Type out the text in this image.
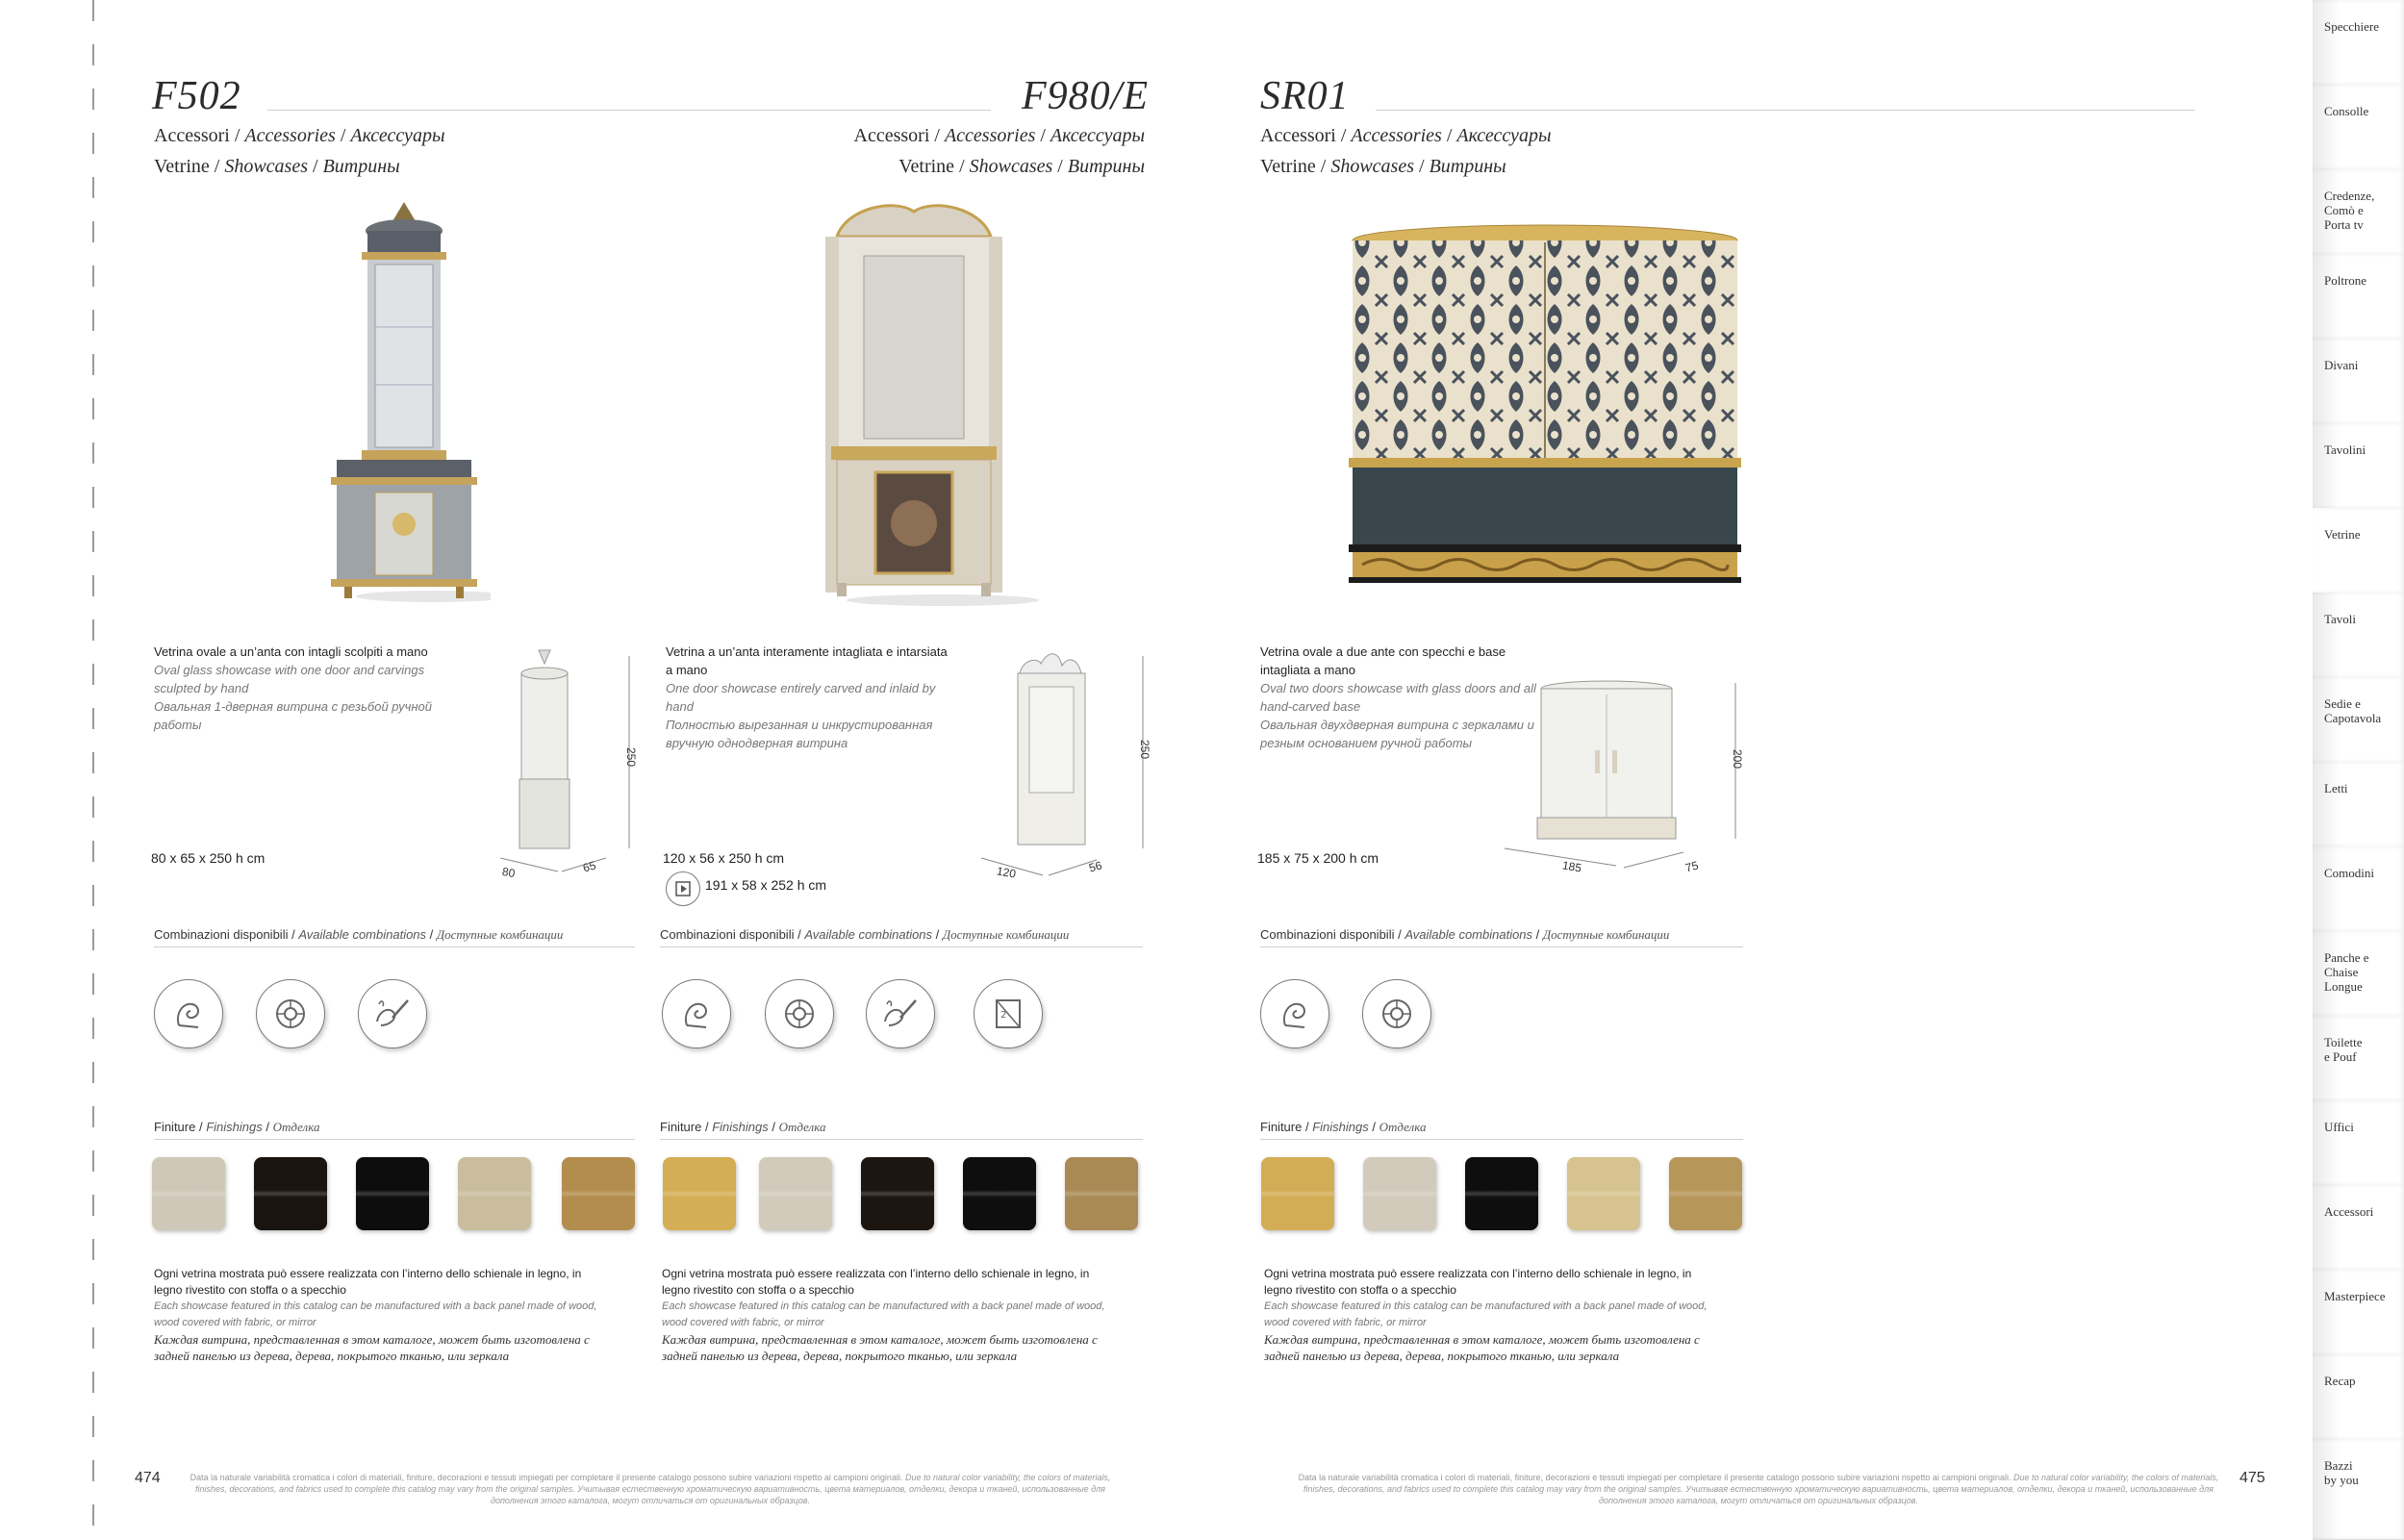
F502
Accessori / Accessories / Аксессуары
Vetrine / Showcases / Витрины
Vetrina ovale a un’anta con intagli scolpiti a mano
Oval glass showcase with one door and carvings sculpted by hand
Овальная 1-дверная витрина с резьбой ручной работы
250
80	65
80 x 65 x 250 h cm
Combinazioni disponibili / Available combinations / Доступные комбинации
Finiture / Finishings / Отделка
Ogni vetrina mostrata può essere realizzata con l’interno dello schienale in legno, in legno rivestito con stoffa o a specchio
Each showcase featured in this catalog can be manufactured with a back panel made of wood, wood covered with fabric, or mirror
Каждая витрина, представленная в этом каталоге, может быть изготовлена с задней панелью из дерева, дерева, покрытого тканью, или зеркала
F980/E
Accessori / Accessories / Аксессуары
Vetrine / Showcases / Витрины
Vetrina a un’anta interamente intagliata e intarsiata a mano
One door showcase entirely carved and inlaid by hand
Полностью вырезанная и инкрустированная вручную однодверная витрина	250
120	56
120 x 56 x 250 h cm
191 x 58 x 252 h cm
Combinazioni disponibili / Available combinations / Доступные комбинации
2
Finiture / Finishings / Отделка
Ogni vetrina mostrata può essere realizzata con l’interno dello schienale in legno, in legno rivestito con stoffa o a specchio
Each showcase featured in this catalog can be manufactured with a back panel made of wood, wood covered with fabric, or mirror
Каждая витрина, представленная в этом каталоге, может быть изготовлена с задней панелью из дерева, дерева, покрытого тканью, или зеркала
SR01
Accessori / Accessories / Аксессуары
Vetrine / Showcases / Витрины
Vetrina ovale a due ante con specchi e base intagliata a mano
Oval two doors showcase with glass doors and all hand-carved base
Овальная двухдверная витрина с зеркалами и резным основанием ручной работы
200
185	75
185 x 75 x 200 h cm
Combinazioni disponibili / Available combinations / Доступные комбинации
Finiture / Finishings / Отделка
Ogni vetrina mostrata può essere realizzata con l’interno dello schienale in legno, in legno rivestito con stoffa o a specchio
Each showcase featured in this catalog can be manufactured with a back panel made of wood, wood covered with fabric, or mirror
Каждая витрина, представленная в этом каталоге, может быть изготовлена с задней панелью из дерева, дерева, покрытого тканью, или зеркала
474	Data la naturale variabilità cromatica i colori di materiali, finiture, decorazioni e tessuti impiegati per completare il presente catalogo possono subire variazioni rispetto ai campioni originali. Due to natural color variability, the colors of materials, finishes, decorations, and fabrics used to complete this catalog may vary from the original samples. Учитывая естественную хроматическую вариативность, цвета материалов, отделки, декора и тканей, использованные для дополнения этого каталога, могут отличаться от оригинальных образцов.
Data la naturale variabilità cromatica i colori di materiali, finiture, decorazioni e tessuti impiegati per completare il presente catalogo possono subire variazioni rispetto ai campioni originali. Due to natural color variability, the colors of materials, finishes, decorations, and fabrics used to complete this catalog may vary from the original samples. Учитывая естественную хроматическую вариативность, цвета материалов, отделки, декора и тканей, использованные для дополнения этого каталога, могут отличаться от оригинальных образцов.
475
Specchiere
Consolle
Credenze,
Comò e
Porta tv
Poltrone
Divani
Tavolini
Vetrine
Tavoli
Sedie e
Capotavola
Letti
Comodini
Panche e
Chaise
Longue
Toilette
e Pouf
Uffici
Accessori
Masterpiece
Recap
Bazzi
by you
